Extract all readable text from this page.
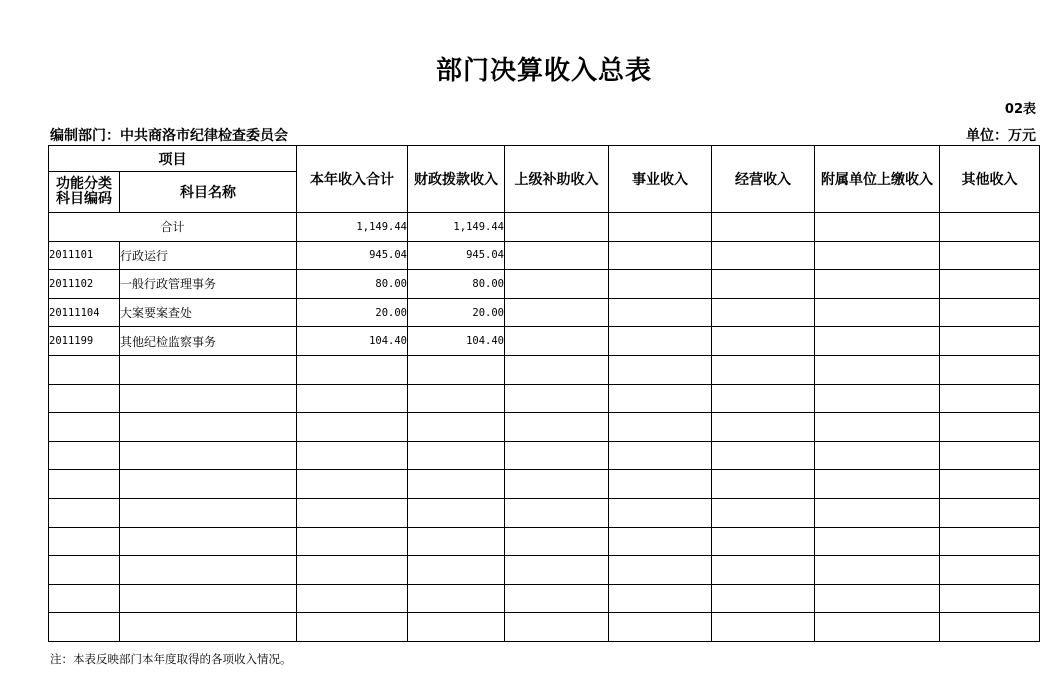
部门决算收入总表
02表
编制部门：中共商洛市纪律检查委员会	单位：万元
项目		本年收入合计	财政拨款收入	上级补助收入	事业收入	经营收入	附属单位上缴收入	其他收入

功能分类
科目编码	科目名称							
合计		1,149.44	1,149.44					
2011101	行政运行	945.04	945.04					
2011102	一般行政管理事务	80.00	80.00					
20111104	大案要案查处	20.00	20.00					
2011199	其他纪检监察事务	104.40	104.40					

注：本表反映部门本年度取得的各项收入情况。
